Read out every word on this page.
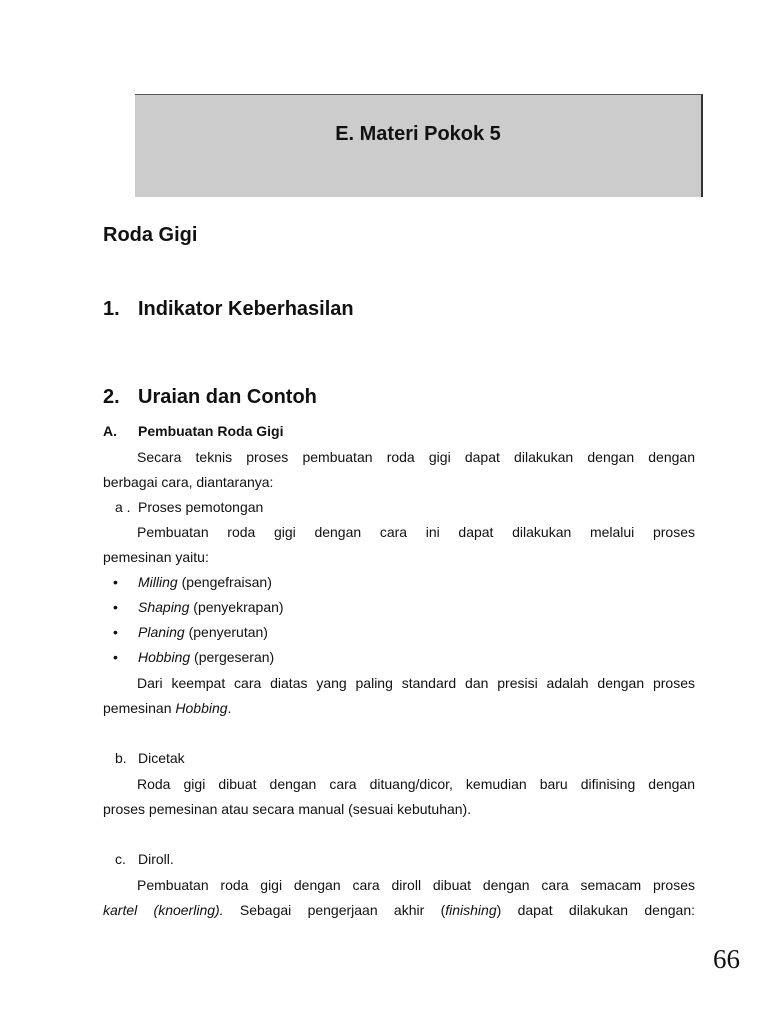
E. Materi Pokok 5
Roda Gigi
1. Indikator Keberhasilan
2. Uraian dan Contoh
A. Pembuatan Roda Gigi
Secara teknis proses pembuatan roda gigi dapat dilakukan dengan dengan
berbagai cara, diantaranya:
a . Proses pemotongan
Pembuatan roda gigi dengan cara ini dapat dilakukan melalui proses
pemesinan yaitu:
• Milling (pengefraisan)
• Shaping (penyekrapan)
• Planing (penyerutan)
• Hobbing (pergeseran)
Dari keempat cara diatas yang paling standard dan presisi adalah dengan proses
pemesinan Hobbing.
b. Dicetak
Roda gigi dibuat dengan cara dituang/dicor, kemudian baru difinising dengan
proses pemesinan atau secara manual (sesuai kebutuhan).
c. Diroll.
Pembuatan roda gigi dengan cara diroll dibuat dengan cara semacam proses
kartel (knoerling). Sebagai pengerjaan akhir (finishing) dapat dilakukan dengan:
66
